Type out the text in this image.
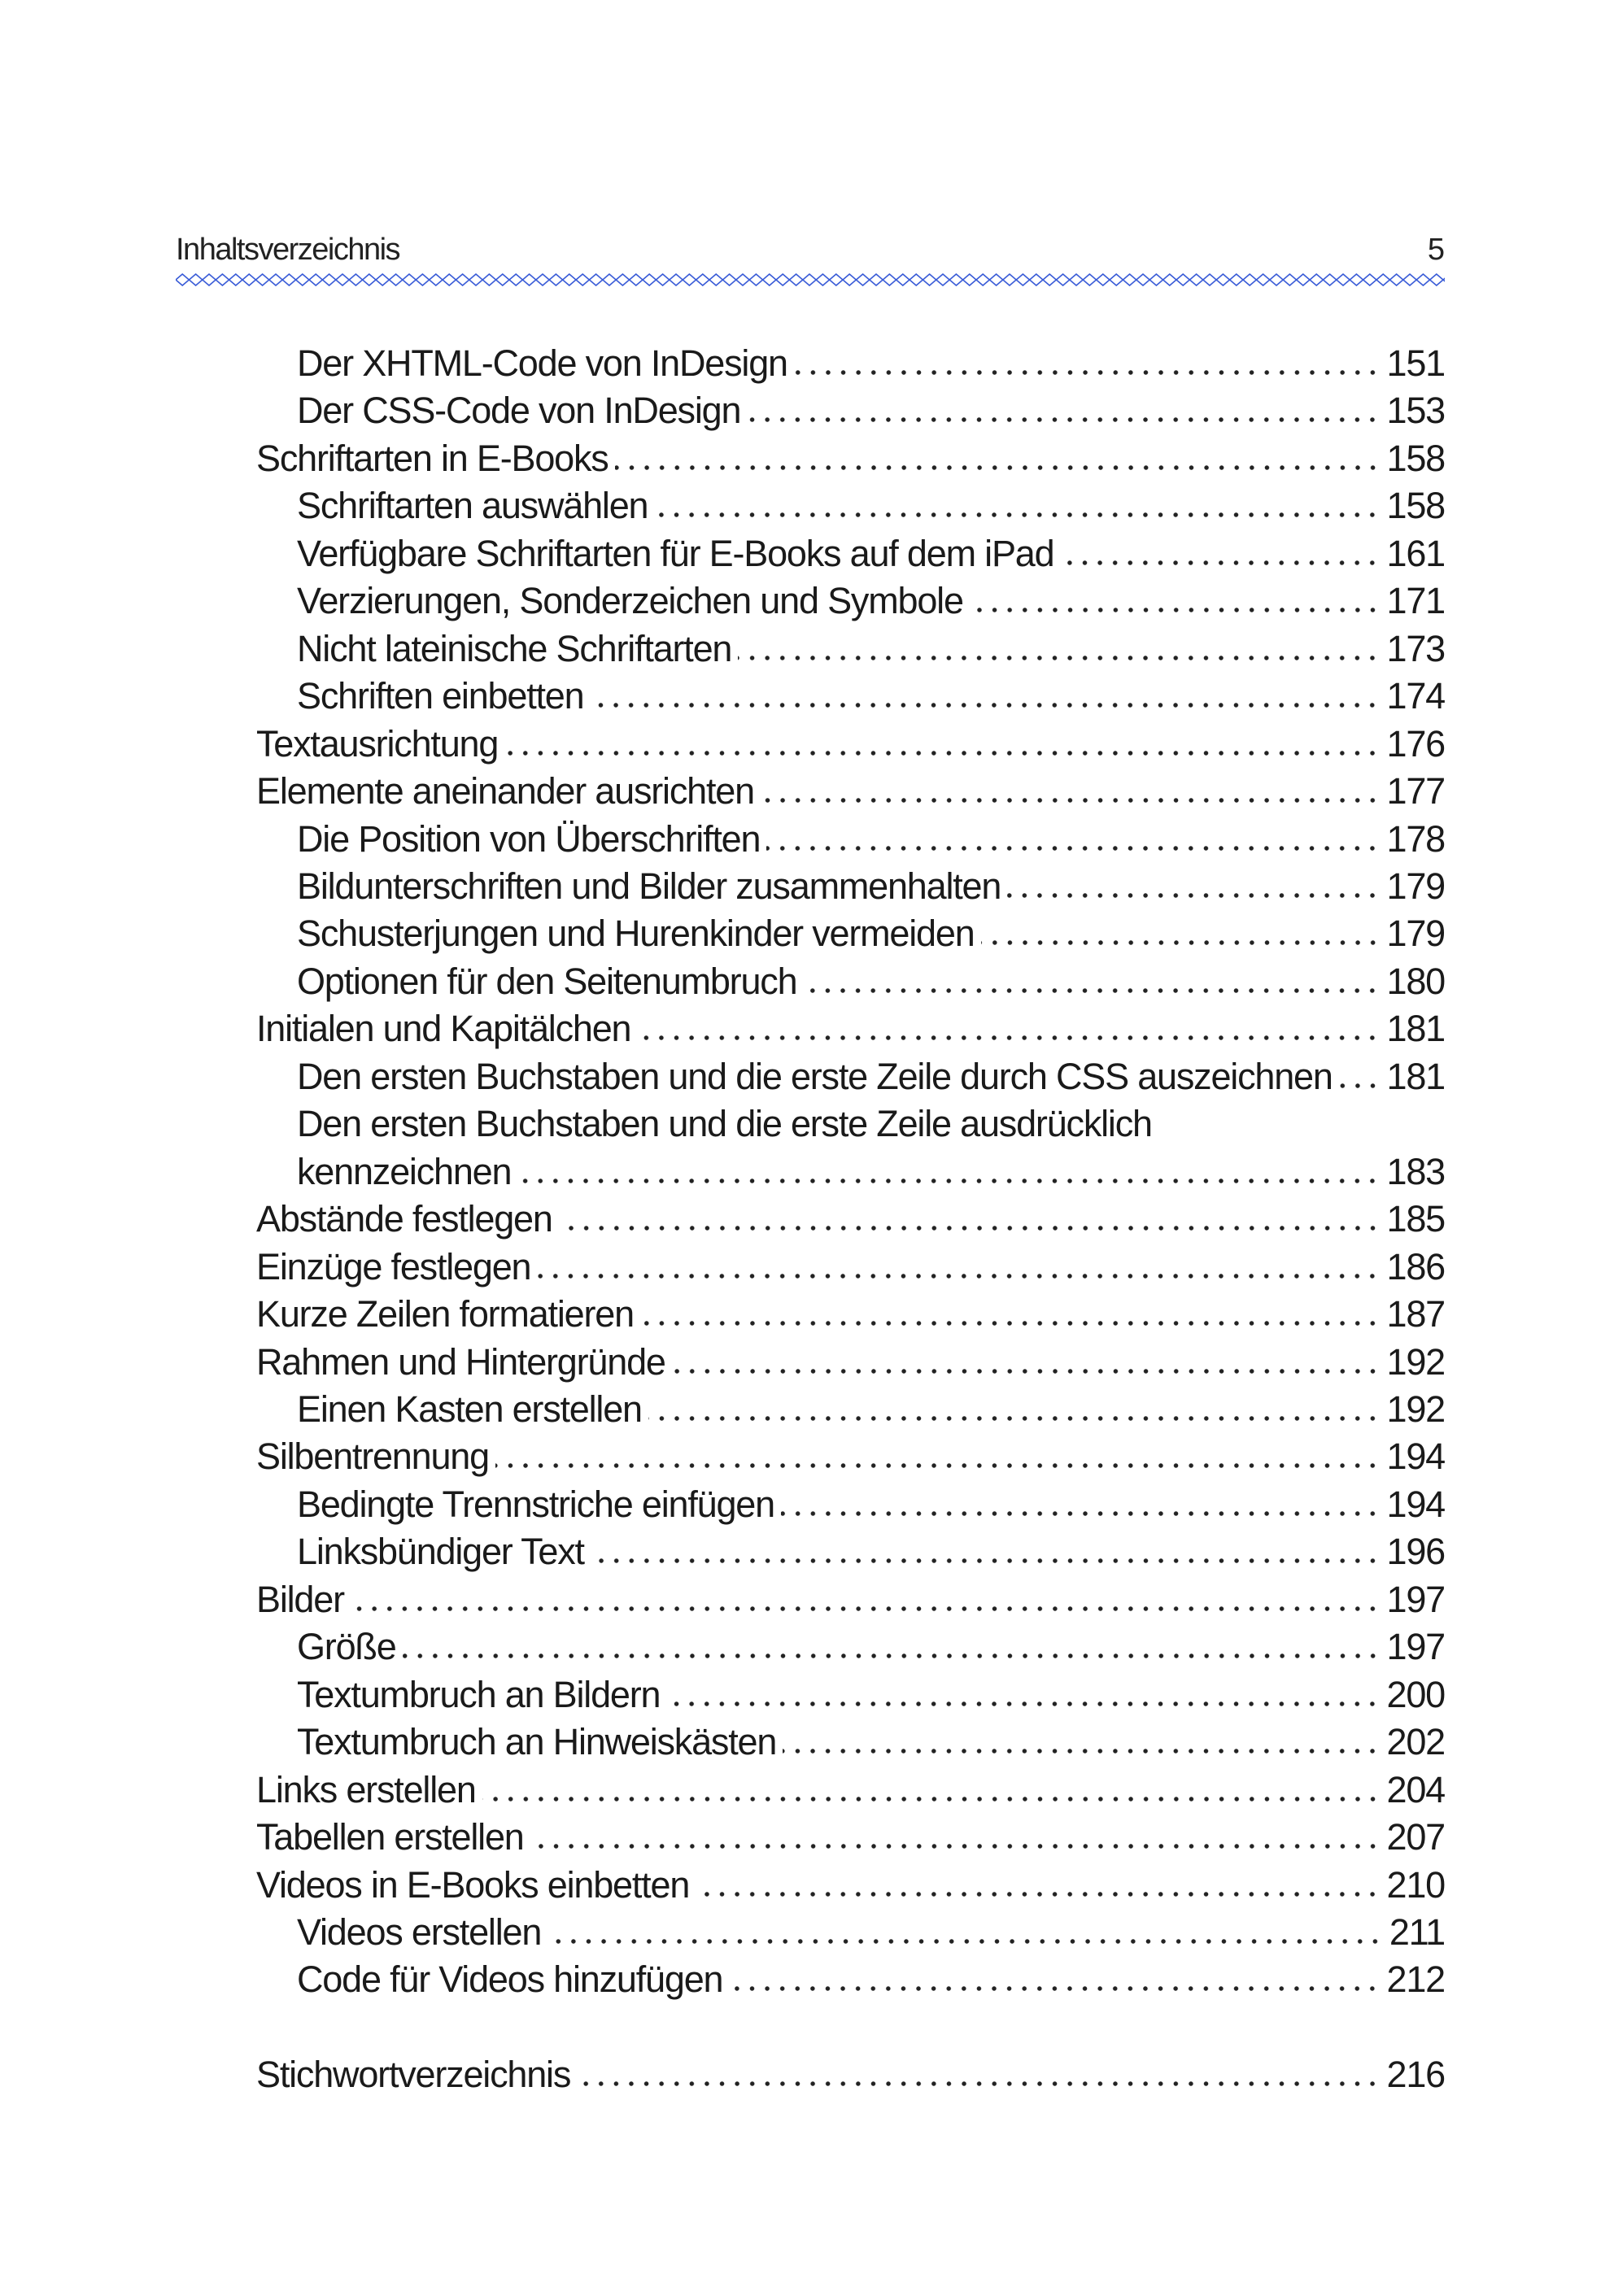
Inhaltsverzeichnis	5
Der XHTML-Code von InDesign	151
Der CSS-Code von InDesign	153
Schriftarten in E-Books	158
Schriftarten auswählen	158
Verfügbare Schriftarten für E-Books auf dem iPad	161
Verzierungen, Sonderzeichen und Symbole	171
Nicht lateinische Schriftarten	173
Schriften einbetten	174
Textausrichtung	176
Elemente aneinander ausrichten	177
Die Position von Überschriften	178
Bildunterschriften und Bilder zusammenhalten	179
Schusterjungen und Hurenkinder vermeiden	179
Optionen für den Seitenumbruch	180
Initialen und Kapitälchen	181
Den ersten Buchstaben und die erste Zeile durch CSS auszeichnen 181
Den ersten Buchstaben und die erste Zeile ausdrücklich
kennzeichnen	183
Abstände festlegen	185
Einzüge festlegen	186
Kurze Zeilen formatieren	187
Rahmen und Hintergründe	192
Einen Kasten erstellen	192
Silbentrennung	194
Bedingte Trennstriche einfügen	194
Linksbündiger Text	196
Bilder	197
Größe	197
Textumbruch an Bildern	200
Textumbruch an Hinweiskästen	202
Links erstellen	204
Tabellen erstellen	207
Videos in E-Books einbetten	210
Videos erstellen	211
Code für Videos hinzufügen	212
Stichwortverzeichnis	216
